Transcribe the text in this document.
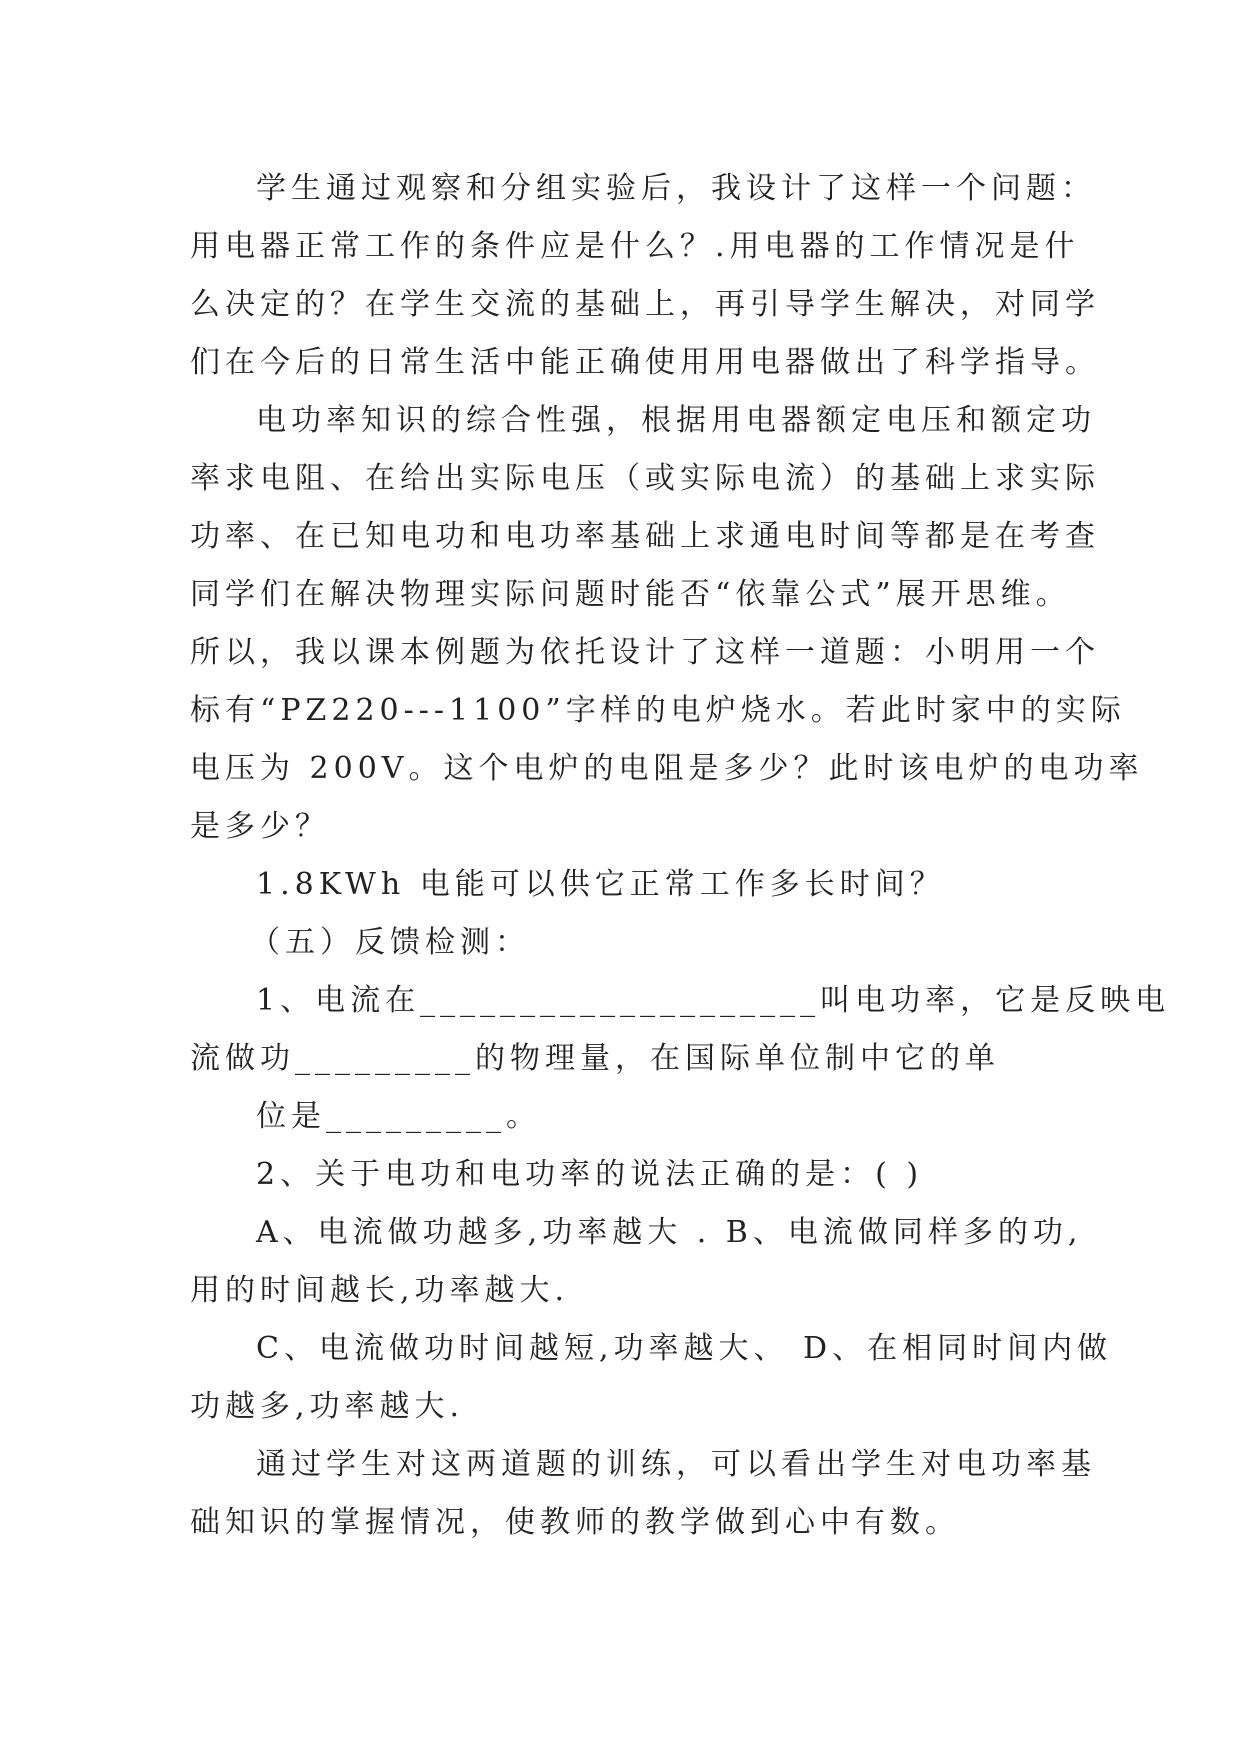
学生通过观察和分组实验后，我设计了这样一个问题：
用电器正常工作的条件应是什么？.用电器的工作情况是什
么决定的？在学生交流的基础上，再引导学生解决，对同学
们在今后的日常生活中能正确使用用电器做出了科学指导。
电功率知识的综合性强，根据用电器额定电压和额定功
率求电阻、在给出实际电压（或实际电流）的基础上求实际
功率、在已知电功和电功率基础上求通电时间等都是在考查
同学们在解决物理实际问题时能否“依靠公式”展开思维。
所以，我以课本例题为依托设计了这样一道题：小明用一个
标有“PZ220---1100”字样的电炉烧水。若此时家中的实际
电压为 200V。这个电炉的电阻是多少？此时该电炉的电功率
是多少？
1.8KWh 电能可以供它正常工作多长时间？
（五）反馈检测：
1、电流在____________________叫电功率，它是反映电
流做功_________的物理量，在国际单位制中它的单
位是_________。
2、关于电功和电功率的说法正确的是：( )
A、电流做功越多,功率越大 . B、电流做同样多的功,
用的时间越长,功率越大.
C、电流做功时间越短,功率越大、 D、在相同时间内做
功越多,功率越大.
通过学生对这两道题的训练，可以看出学生对电功率基
础知识的掌握情况，使教师的教学做到心中有数。
